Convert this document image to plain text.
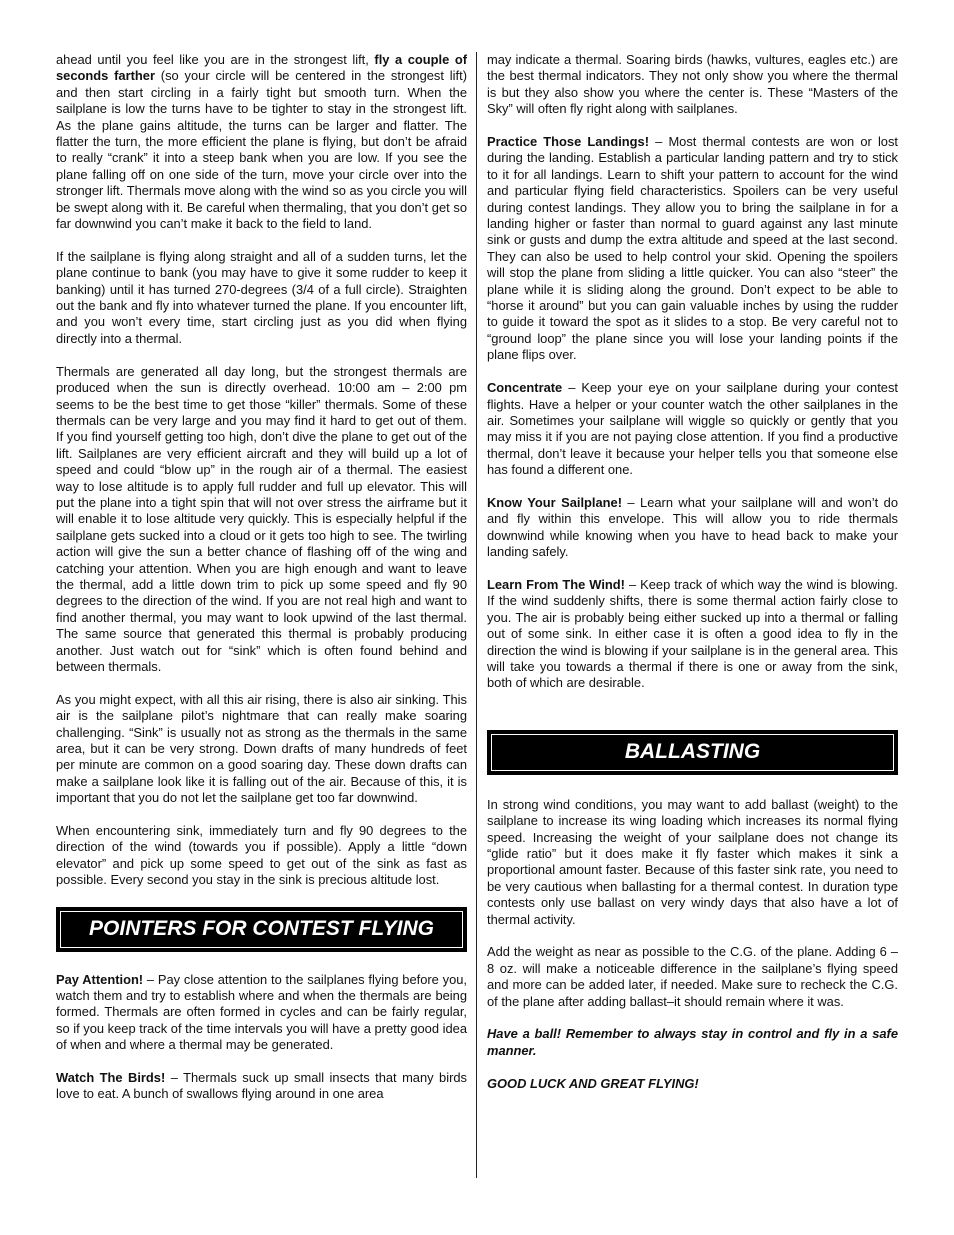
ahead until you feel like you are in the strongest lift, fly a couple of seconds farther (so your circle will be centered in the strongest lift) and then start circling in a fairly tight but smooth turn. When the sailplane is low the turns have to be tighter to stay in the strongest lift. As the plane gains altitude, the turns can be larger and flatter. The flatter the turn, the more efficient the plane is flying, but don’t be afraid to really “crank” it into a steep bank when you are low. If you see the plane falling off on one side of the turn, move your circle over into the stronger lift. Thermals move along with the wind so as you circle you will be swept along with it. Be careful when thermaling, that you don’t get so far downwind you can’t make it back to the field to land.

If the sailplane is flying along straight and all of a sudden turns, let the plane continue to bank (you may have to give it some rudder to keep it banking) until it has turned 270-degrees (3/4 of a full circle). Straighten out the bank and fly into whatever turned the plane. If you encounter lift, and you won’t every time, start circling just as you did when flying directly into a thermal.

Thermals are generated all day long, but the strongest thermals are produced when the sun is directly overhead. 10:00 am – 2:00 pm seems to be the best time to get those “killer” thermals. Some of these thermals can be very large and you may find it hard to get out of them. If you find yourself getting too high, don’t dive the plane to get out of the lift. Sailplanes are very efficient aircraft and they will build up a lot of speed and could “blow up” in the rough air of a thermal. The easiest way to lose altitude is to apply full rudder and full up elevator. This will put the plane into a tight spin that will not over stress the airframe but it will enable it to lose altitude very quickly. This is especially helpful if the sailplane gets sucked into a cloud or it gets too high to see. The twirling action will give the sun a better chance of flashing off of the wing and catching your attention. When you are high enough and want to leave the thermal, add a little down trim to pick up some speed and fly 90 degrees to the direction of the wind. If you are not real high and want to find another thermal, you may want to look upwind of the last thermal. The same source that generated this thermal is probably producing another. Just watch out for “sink” which is often found behind and between thermals.

As you might expect, with all this air rising, there is also air sinking. This air is the sailplane pilot’s nightmare that can really make soaring challenging. “Sink” is usually not as strong as the thermals in the same area, but it can be very strong. Down drafts of many hundreds of feet per minute are common on a good soaring day. These down drafts can make a sailplane look like it is falling out of the air. Because of this, it is important that you do not let the sailplane get too far downwind.

When encountering sink, immediately turn and fly 90 degrees to the direction of the wind (towards you if possible). Apply a little “down elevator” and pick up some speed to get out of the sink as fast as possible. Every second you stay in the sink is precious altitude lost.

POINTERS FOR CONTEST FLYING

Pay Attention! – Pay close attention to the sailplanes flying before you, watch them and try to establish where and when the thermals are being formed. Thermals are often formed in cycles and can be fairly regular, so if you keep track of the time intervals you will have a pretty good idea of when and where a thermal may be generated.

Watch The Birds! – Thermals suck up small insects that many birds love to eat. A bunch of swallows flying around in one area

may indicate a thermal. Soaring birds (hawks, vultures, eagles etc.) are the best thermal indicators. They not only show you where the thermal is but they also show you where the center is. These “Masters of the Sky” will often fly right along with sailplanes.

Practice Those Landings! – Most thermal contests are won or lost during the landing. Establish a particular landing pattern and try to stick to it for all landings. Learn to shift your pattern to account for the wind and particular flying field characteristics. Spoilers can be very useful during contest landings. They allow you to bring the sailplane in for a landing higher or faster than normal to guard against any last minute sink or gusts and dump the extra altitude and speed at the last second. They can also be used to help control your skid. Opening the spoilers will stop the plane from sliding a little quicker. You can also “steer” the plane while it is sliding along the ground. Don’t expect to be able to “horse it around” but you can gain valuable inches by using the rudder to guide it toward the spot as it slides to a stop. Be very careful not to “ground loop” the plane since you will lose your landing points if the plane flips over.

Concentrate – Keep your eye on your sailplane during your contest flights. Have a helper or your counter watch the other sailplanes in the air. Sometimes your sailplane will wiggle so quickly or gently that you may miss it if you are not paying close attention. If you find a productive thermal, don’t leave it because your helper tells you that someone else has found a different one.

Know Your Sailplane! – Learn what your sailplane will and won’t do and fly within this envelope. This will allow you to ride thermals downwind while knowing when you have to head back to make your landing safely.

Learn From The Wind! – Keep track of which way the wind is blowing. If the wind suddenly shifts, there is some thermal action fairly close to you. The air is probably being either sucked up into a thermal or falling out of some sink. In either case it is often a good idea to fly in the direction the wind is blowing if your sailplane is in the general area. This will take you towards a thermal if there is one or away from the sink, both of which are desirable.

BALLASTING

In strong wind conditions, you may want to add ballast (weight) to the sailplane to increase its wing loading which increases its normal flying speed. Increasing the weight of your sailplane does not change its “glide ratio” but it does make it fly faster which makes it sink a proportional amount faster. Because of this faster sink rate, you need to be very cautious when ballasting for a thermal contest. In duration type contests only use ballast on very windy days that also have a lot of thermal activity.

Add the weight as near as possible to the C.G. of the plane. Adding 6 – 8 oz. will make a noticeable difference in the sailplane’s flying speed and more can be added later, if needed. Make sure to recheck the C.G. of the plane after adding ballast–it should remain where it was.

Have a ball! Remember to always stay in control and fly in a safe manner.

GOOD LUCK AND GREAT FLYING!
